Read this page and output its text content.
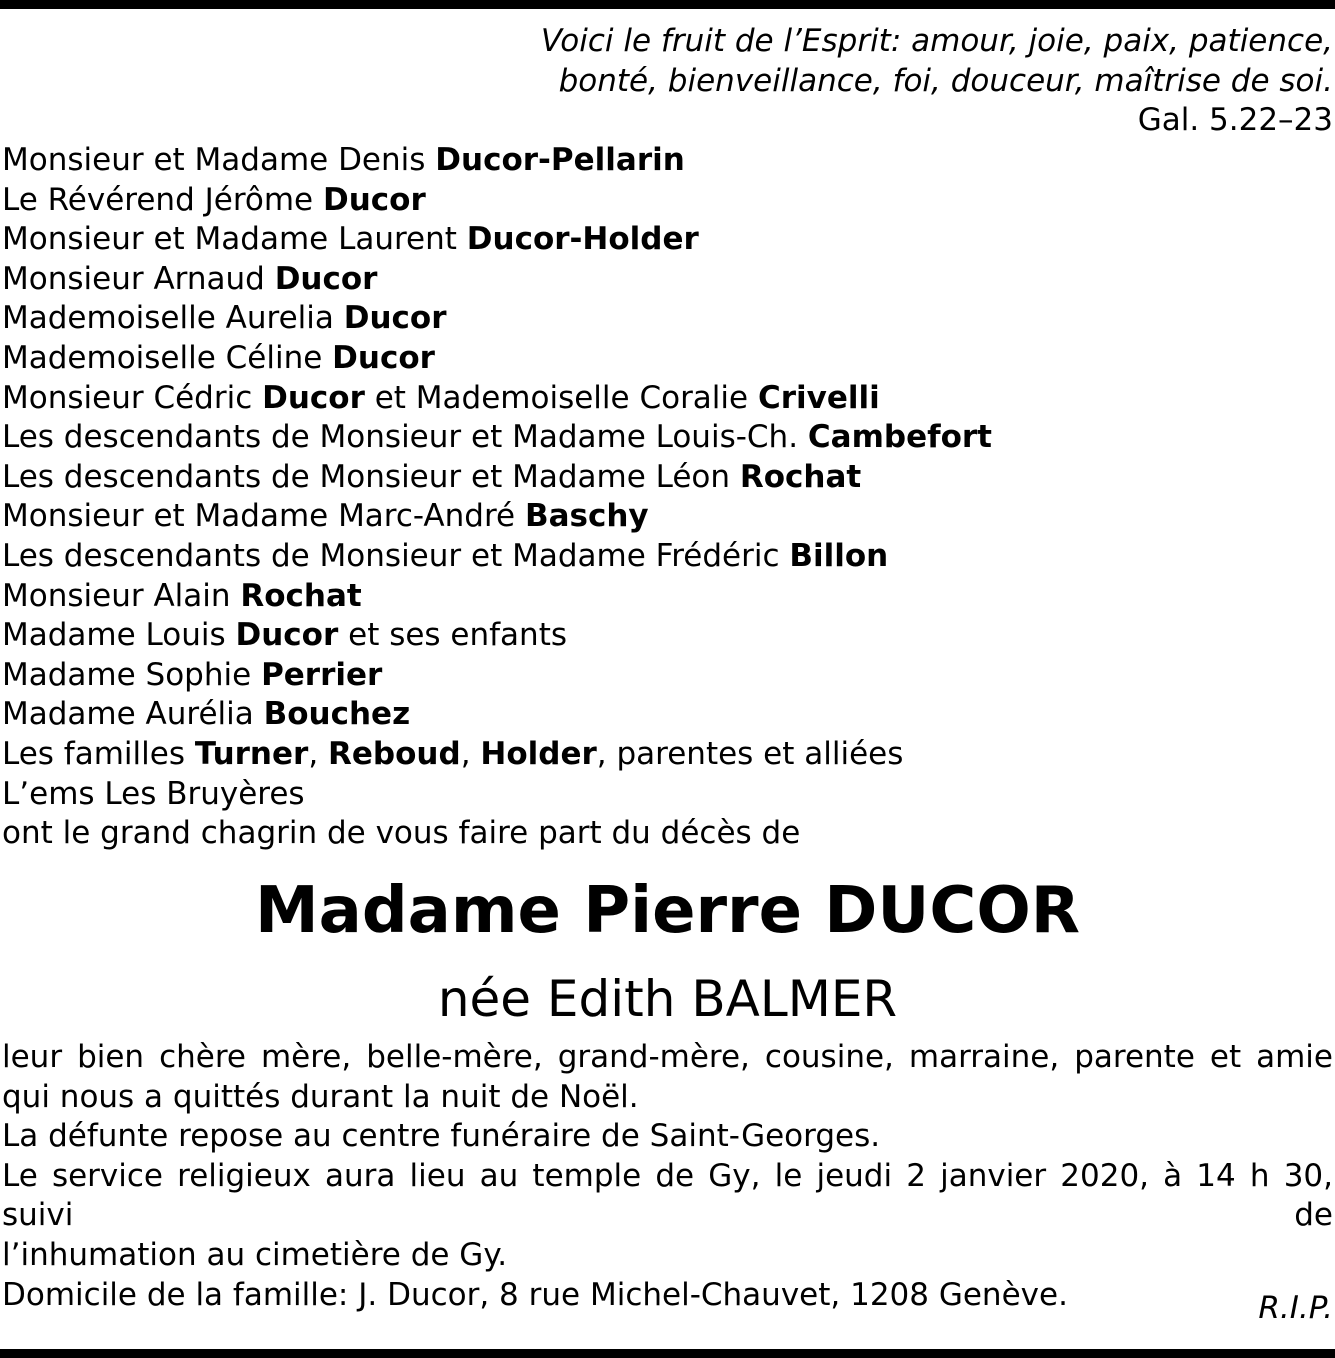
Voici le fruit de l’Esprit: amour, joie, paix, patience,
bonté, bienveillance, foi, douceur, maîtrise de soi.
Gal. 5.22–23
Monsieur et Madame Denis Ducor-Pellarin
Le Révérend Jérôme Ducor
Monsieur et Madame Laurent Ducor-Holder
Monsieur Arnaud Ducor
Mademoiselle Aurelia Ducor
Mademoiselle Céline Ducor
Monsieur Cédric Ducor et Mademoiselle Coralie Crivelli
Les descendants de Monsieur et Madame Louis-Ch. Cambefort
Les descendants de Monsieur et Madame Léon Rochat
Monsieur et Madame Marc-André Baschy
Les descendants de Monsieur et Madame Frédéric Billon
Monsieur Alain Rochat
Madame Louis Ducor et ses enfants
Madame Sophie Perrier
Madame Aurélia Bouchez
Les familles Turner, Reboud, Holder, parentes et alliées
L’ems Les Bruyères
ont le grand chagrin de vous faire part du décès de
Madame Pierre DUCOR
née Edith BALMER
leur bien chère mère, belle-mère, grand-mère, cousine, marraine, parente et amie
qui nous a quittés durant la nuit de Noël.
La défunte repose au centre funéraire de Saint-Georges.
Le service religieux aura lieu au temple de Gy, le jeudi 2 janvier 2020, à 14 h 30, suivi de
l’inhumation au cimetière de Gy.
Domicile de la famille: J. Ducor, 8 rue Michel-Chauvet, 1208 Genève.	R.I.P.
